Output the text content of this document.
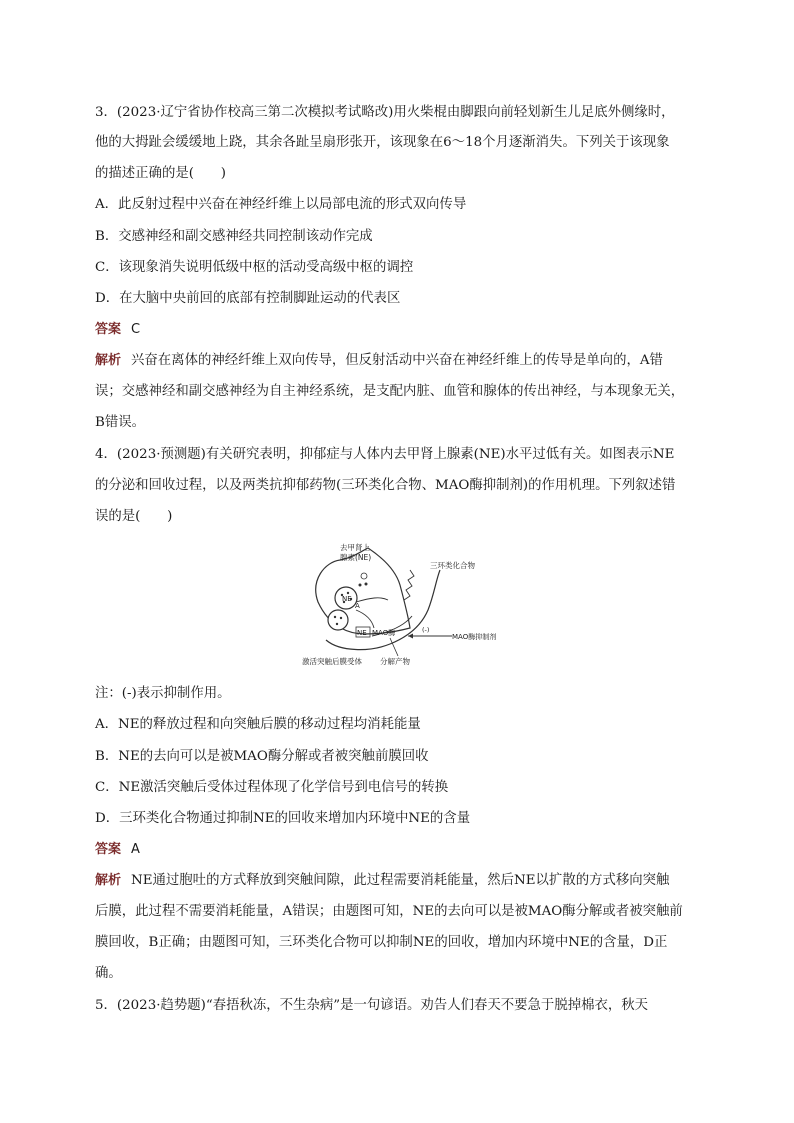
3．(2023·辽宁省协作校高三第二次模拟考试略改)用火柴棍由脚跟向前轻划新生儿足底外侧缘时，
他的大拇趾会缓缓地上跷，其余各趾呈扇形张开，该现象在6～18个月逐渐消失。下列关于该现象
的描述正确的是(　　)
A．此反射过程中兴奋在神经纤维上以局部电流的形式双向传导
B．交感神经和副交感神经共同控制该动作完成
C．该现象消失说明低级中枢的活动受高级中枢的调控
D．在大脑中央前回的底部有控制脚趾运动的代表区
答案 C
解析 兴奋在离体的神经纤维上双向传导，但反射活动中兴奋在神经纤维上的传导是单向的，A错
误；交感神经和副交感神经为自主神经系统，是支配内脏、血管和腺体的传出神经，与本现象无关，
B错误。
4．(2023·预测题)有关研究表明，抑郁症与人体内去甲肾上腺素(NE)水平过低有关。如图表示NE
的分泌和回收过程，以及两类抗抑郁药物(三环类化合物、MAO酶抑制剂)的作用机理。下列叙述错
误的是(　　)
去甲肾上
腺素(NE)
三环类化合物
NE
A
NE MAO酶	(-)
MAO酶抑制剂
激活突触后膜受体 分解产物
注：(-)表示抑制作用。
A．NE的释放过程和向突触后膜的移动过程均消耗能量
B．NE的去向可以是被MAO酶分解或者被突触前膜回收
C．NE激活突触后受体过程体现了化学信号到电信号的转换
D．三环类化合物通过抑制NE的回收来增加内环境中NE的含量
答案 A
解析 NE通过胞吐的方式释放到突触间隙，此过程需要消耗能量，然后NE以扩散的方式移向突触
后膜，此过程不需要消耗能量，A错误；由题图可知，NE的去向可以是被MAO酶分解或者被突触前
膜回收，B正确；由题图可知，三环类化合物可以抑制NE的回收，增加内环境中NE的含量，D正
确。
5．(2023·趋势题)“春捂秋冻，不生杂病”是一句谚语。劝告人们春天不要急于脱掉棉衣，秋天
